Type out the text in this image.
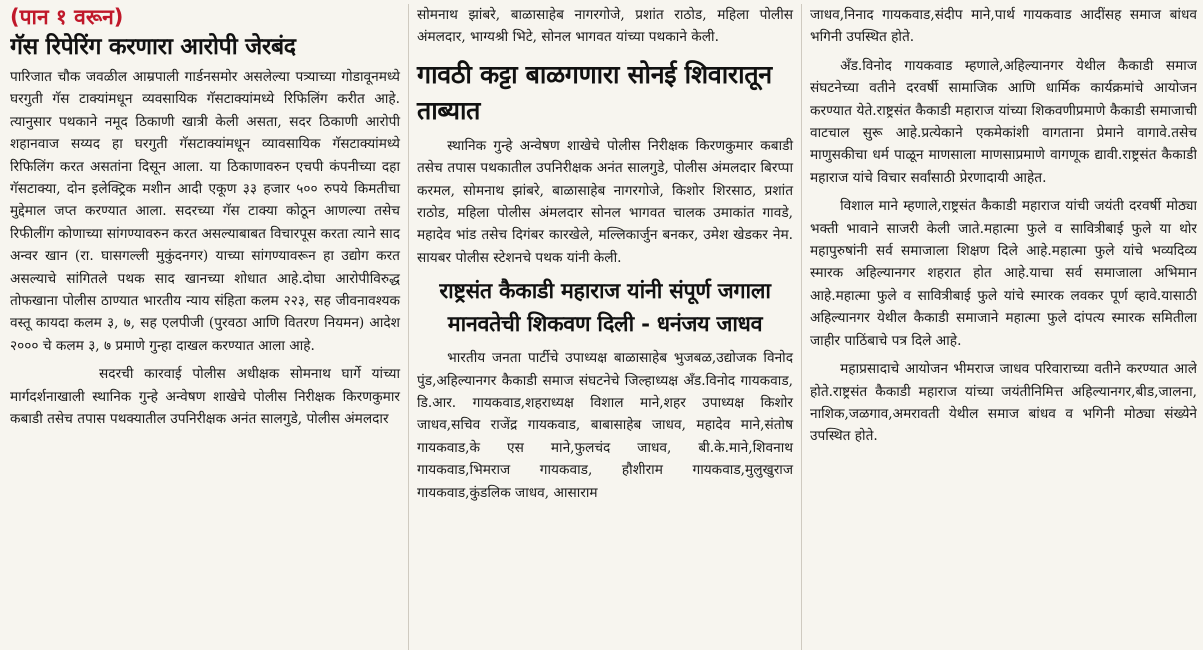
(पान १ वरून)
गॅस रिपेरिंग करणारा आरोपी जेरबंद

पारिजात चौक जवळील आम्रपाली गार्डनसमोर असलेल्या पत्र्याच्या गोडावूनमध्ये घरगुती गॅस टाक्यांमधून व्यवसायिक गॅसटाक्यांमध्ये रिफिलिंग करीत आहे. त्यानुसार पथकाने नमूद ठिकाणी खात्री केली असता, सदर ठिकाणी आरोपी शहानवाज सय्यद हा घरगुती गॅसटाक्यांमधून व्यावसायिक गॅसटाक्यांमध्ये रिफिलिंग करत असतांना दिसून आला. या ठिकाणावरुन एचपी कंपनीच्या दहा गॅसटाक्या, दोन इलेक्ट्रिक मशीन आदी एकूण ३३ हजार ५०० रुपये किमतीचा मुद्देमाल जप्त करण्यात आला. सदरच्या गॅस टाक्या कोठून आणल्या तसेच रिफीलींग कोणाच्या सांगण्यावरुन करत असल्याबाबत विचारपूस करता त्याने साद अन्वर खान (रा. घासगल्ली मुकुंदनगर) याच्या सांगण्यावरून हा उद्योग करत असल्याचे सांगितले पथक साद खानच्या शोधात आहे.दोघा आरोपीविरुद्ध तोफखाना पोलीस ठाण्यात भारतीय न्याय संहिता कलम २२३, सह जीवनावश्यक वस्तू कायदा कलम ३, ७, सह एलपीजी (पुरवठा आणि वितरण नियमन) आदेश २००० चे कलम ३, ७ प्रमाणे गुन्हा दाखल करण्यात आला आहे.

सदरची कारवाई पोलीस अधीक्षक सोमनाथ घार्गे यांच्या मार्गदर्शनाखाली स्थानिक गुन्हे अन्वेषण शाखेचे पोलीस निरीक्षक किरणकुमार कबाडी तसेच तपास पथक्यातील उपनिरीक्षक अनंत सालगुडे, पोलीस अंमलदार

सोमनाथ झांबरे, बाळासाहेब नागरगोजे, प्रशांत राठोड, महिला पोलीस अंमलदार, भाग्यश्री भिटे, सोनल भागवत यांच्या पथकाने केली.

गावठी कट्टा बाळगणारा सोनई शिवारातून ताब्यात

स्थानिक गुन्हे अन्वेषण शाखेचे पोलीस निरीक्षक किरणकुमार कबाडी तसेच तपास पथकातील उपनिरीक्षक अनंत सालगुडे, पोलीस अंमलदार बिरप्पा करमल, सोमनाथ झांबरे, बाळासाहेब नागरगोजे, किशोर शिरसाठ, प्रशांत राठोड, महिला पोलीस अंमलदार सोनल भागवत चालक उमाकांत गावडे, महादेव भांड तसेच दिगंबर कारखेले, मल्लिकार्जुन बनकर, उमेश खेडकर नेम. सायबर पोलीस स्टेशनचे पथक यांनी केली.

राष्ट्रसंत कैकाडी महाराज यांनी संपूर्ण जगाला मानवतेची शिकवण दिली - धनंजय जाधव

भारतीय जनता पार्टीचे उपाध्यक्ष बाळासाहेब भुजबळ,उद्योजक विनोद पुंड,अहिल्यानगर कैकाडी समाज संघटनेचे जिल्हाध्यक्ष अँड.विनोद गायकवाड, डि.आर. गायकवाड,शहराध्यक्ष विशाल माने,शहर उपाध्यक्ष किशोर जाधव,सचिव राजेंद्र गायकवाड, बाबासाहेब जाधव, महादेव माने,संतोष गायकवाड,के एस माने,फुलचंद जाधव, बी.के.माने,शिवनाथ गायकवाड,भिमराज गायकवाड, हौशीराम गायकवाड,मुलुखुराज गायकवाड,कुंडलिक जाधव, आसाराम

जाधव,निनाद गायकवाड,संदीप माने,पार्थ गायकवाड आदींसह समाज बांधव भगिनी उपस्थित होते.

अँड.विनोद गायकवाड म्हणाले,अहिल्यानगर येथील कैकाडी समाज संघटनेच्या वतीने दरवर्षी सामाजिक आणि धार्मिक कार्यक्रमांचे आयोजन करण्यात येते.राष्ट्रसंत कैकाडी महाराज यांच्या शिकवणीप्रमाणे कैकाडी समाजाची वाटचाल सुरू आहे.प्रत्येकाने एकमेकांशी वागताना प्रेमाने वागावे.तसेच माणुसकीचा धर्म पाळून माणसाला माणसाप्रमाणे वागणूक द्यावी.राष्ट्रसंत कैकाडी महाराज यांचे विचार सर्वांसाठी प्रेरणादायी आहेत.

विशाल माने म्हणाले,राष्ट्रसंत कैकाडी महाराज यांची जयंती दरवर्षी मोठ्या भक्ती भावाने साजरी केली जाते.महात्मा फुले व सावित्रीबाई फुले या थोर महापुरुषांनी सर्व समाजाला शिक्षण दिले आहे.महात्मा फुले यांचे भव्यदिव्य स्मारक अहिल्यानगर शहरात होत आहे.याचा सर्व समाजाला अभिमान आहे.महात्मा फुले व सावित्रीबाई फुले यांचे स्मारक लवकर पूर्ण व्हावे.यासाठी अहिल्यानगर येथील कैकाडी समाजाने महात्मा फुले दांपत्य स्मारक समितीला जाहीर पाठिंबाचे पत्र दिले आहे.

महाप्रसादाचे आयोजन भीमराज जाधव परिवाराच्या वतीने करण्यात आले होते.राष्ट्रसंत कैकाडी महाराज यांच्या जयंतीनिमित्त अहिल्यानगर,बीड,जालना, नाशिक,जळगाव,अमरावती येथील समाज बांधव व भगिनी मोठ्या संख्येने उपस्थित होते.
